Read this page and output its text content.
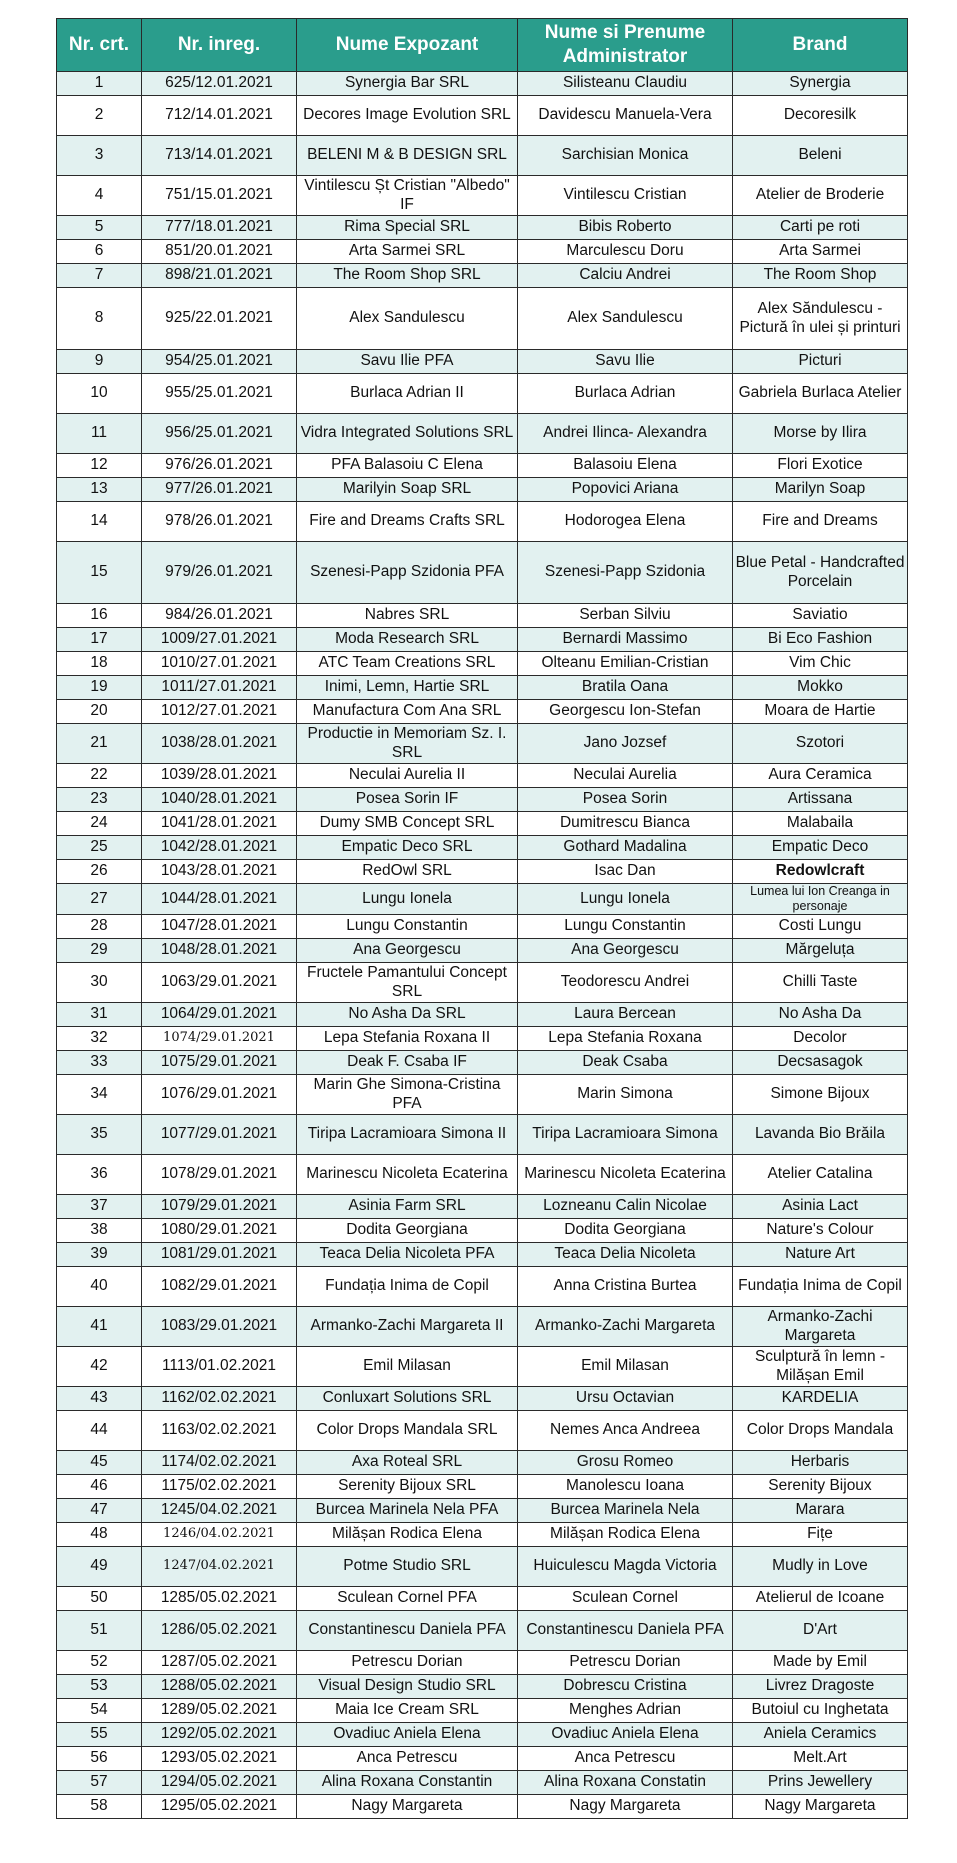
Nr. crt.	Nr. inreg.	Nume Expozant	Nume si Prenume Administrator	Brand
1	625/12.01.2021	Synergia Bar SRL	Silisteanu Claudiu	Synergia
2	712/14.01.2021	Decores Image Evolution SRL	Davidescu Manuela-Vera	Decoresilk
3	713/14.01.2021	BELENI M & B DESIGN SRL	Sarchisian Monica	Beleni
4	751/15.01.2021	Vintilescu Șt Cristian "Albedo" IF	Vintilescu Cristian	Atelier de Broderie
5	777/18.01.2021	Rima Special SRL	Bibis Roberto	Carti pe roti
6	851/20.01.2021	Arta Sarmei SRL	Marculescu Doru	Arta Sarmei
7	898/21.01.2021	The Room Shop SRL	Calciu Andrei	The Room Shop
8	925/22.01.2021	Alex Sandulescu	Alex Sandulescu	Alex Săndulescu - Pictură în ulei și printuri
9	954/25.01.2021	Savu Ilie PFA	Savu Ilie	Picturi
10	955/25.01.2021	Burlaca Adrian II	Burlaca Adrian	Gabriela Burlaca Atelier
11	956/25.01.2021	Vidra Integrated Solutions SRL	Andrei Ilinca- Alexandra	Morse by Ilira
12	976/26.01.2021	PFA Balasoiu C Elena	Balasoiu Elena	Flori Exotice
13	977/26.01.2021	Marilyin Soap SRL	Popovici Ariana	Marilyn Soap
14	978/26.01.2021	Fire and Dreams Crafts SRL	Hodorogea Elena	Fire and Dreams
15	979/26.01.2021	Szenesi-Papp Szidonia PFA	Szenesi-Papp Szidonia	Blue Petal - Handcrafted Porcelain
16	984/26.01.2021	Nabres SRL	Serban Silviu	Saviatio
17	1009/27.01.2021	Moda Research SRL	Bernardi Massimo	Bi Eco Fashion
18	1010/27.01.2021	ATC Team Creations SRL	Olteanu Emilian-Cristian	Vim Chic
19	1011/27.01.2021	Inimi, Lemn, Hartie SRL	Bratila Oana	Mokko
20	1012/27.01.2021	Manufactura Com Ana SRL	Georgescu Ion-Stefan	Moara de Hartie
21	1038/28.01.2021	Productie in Memoriam Sz. I. SRL	Jano Jozsef	Szotori
22	1039/28.01.2021	Neculai Aurelia II	Neculai Aurelia	Aura Ceramica
23	1040/28.01.2021	Posea Sorin IF	Posea Sorin	Artissana
24	1041/28.01.2021	Dumy SMB Concept SRL	Dumitrescu Bianca	Malabaila
25	1042/28.01.2021	Empatic Deco SRL	Gothard Madalina	Empatic Deco
26	1043/28.01.2021	RedOwl SRL	Isac Dan	Redowlcraft
27	1044/28.01.2021	Lungu Ionela	Lungu Ionela	Lumea lui Ion Creanga in personaje
28	1047/28.01.2021	Lungu Constantin	Lungu Constantin	Costi Lungu
29	1048/28.01.2021	Ana Georgescu	Ana Georgescu	Mărgeluța
30	1063/29.01.2021	Fructele Pamantului Concept SRL	Teodorescu Andrei	Chilli Taste
31	1064/29.01.2021	No Asha Da SRL	Laura Bercean	No Asha Da
32	1074/29.01.2021	Lepa Stefania Roxana II	Lepa Stefania Roxana	Decolor
33	1075/29.01.2021	Deak F. Csaba IF	Deak Csaba	Decsasagok
34	1076/29.01.2021	Marin Ghe Simona-Cristina PFA	Marin Simona	Simone Bijoux
35	1077/29.01.2021	Tiripa Lacramioara Simona II	Tiripa Lacramioara Simona	Lavanda Bio Brăila
36	1078/29.01.2021	Marinescu Nicoleta Ecaterina	Marinescu Nicoleta Ecaterina	Atelier Catalina
37	1079/29.01.2021	Asinia Farm SRL	Lozneanu Calin Nicolae	Asinia Lact
38	1080/29.01.2021	Dodita Georgiana	Dodita Georgiana	Nature's Colour
39	1081/29.01.2021	Teaca Delia Nicoleta PFA	Teaca Delia Nicoleta	Nature Art
40	1082/29.01.2021	Fundația Inima de Copil	Anna Cristina Burtea	Fundația Inima de Copil
41	1083/29.01.2021	Armanko-Zachi Margareta II	Armanko-Zachi Margareta	Armanko-Zachi Margareta
42	1113/01.02.2021	Emil Milasan	Emil Milasan	Sculptură în lemn - Milășan Emil
43	1162/02.02.2021	Conluxart Solutions SRL	Ursu Octavian	KARDELIA
44	1163/02.02.2021	Color Drops Mandala SRL	Nemes Anca Andreea	Color Drops Mandala
45	1174/02.02.2021	Axa Roteal SRL	Grosu Romeo	Herbaris
46	1175/02.02.2021	Serenity Bijoux SRL	Manolescu Ioana	Serenity Bijoux
47	1245/04.02.2021	Burcea Marinela Nela PFA	Burcea Marinela Nela	Marara
48	1246/04.02.2021	Milășan Rodica Elena	Milășan Rodica Elena	Fițe
49	1247/04.02.2021	Potme Studio SRL	Huiculescu Magda Victoria	Mudly in Love
50	1285/05.02.2021	Sculean Cornel PFA	Sculean Cornel	Atelierul de Icoane
51	1286/05.02.2021	Constantinescu Daniela PFA	Constantinescu Daniela PFA	D'Art
52	1287/05.02.2021	Petrescu Dorian	Petrescu Dorian	Made by Emil
53	1288/05.02.2021	Visual Design Studio SRL	Dobrescu Cristina	Livrez Dragoste
54	1289/05.02.2021	Maia Ice Cream SRL	Menghes Adrian	Butoiul cu Inghetata
55	1292/05.02.2021	Ovadiuc Aniela Elena	Ovadiuc Aniela Elena	Aniela Ceramics
56	1293/05.02.2021	Anca Petrescu	Anca Petrescu	Melt.Art
57	1294/05.02.2021	Alina Roxana Constantin	Alina Roxana Constatin	Prins Jewellery
58	1295/05.02.2021	Nagy Margareta	Nagy Margareta	Nagy Margareta
